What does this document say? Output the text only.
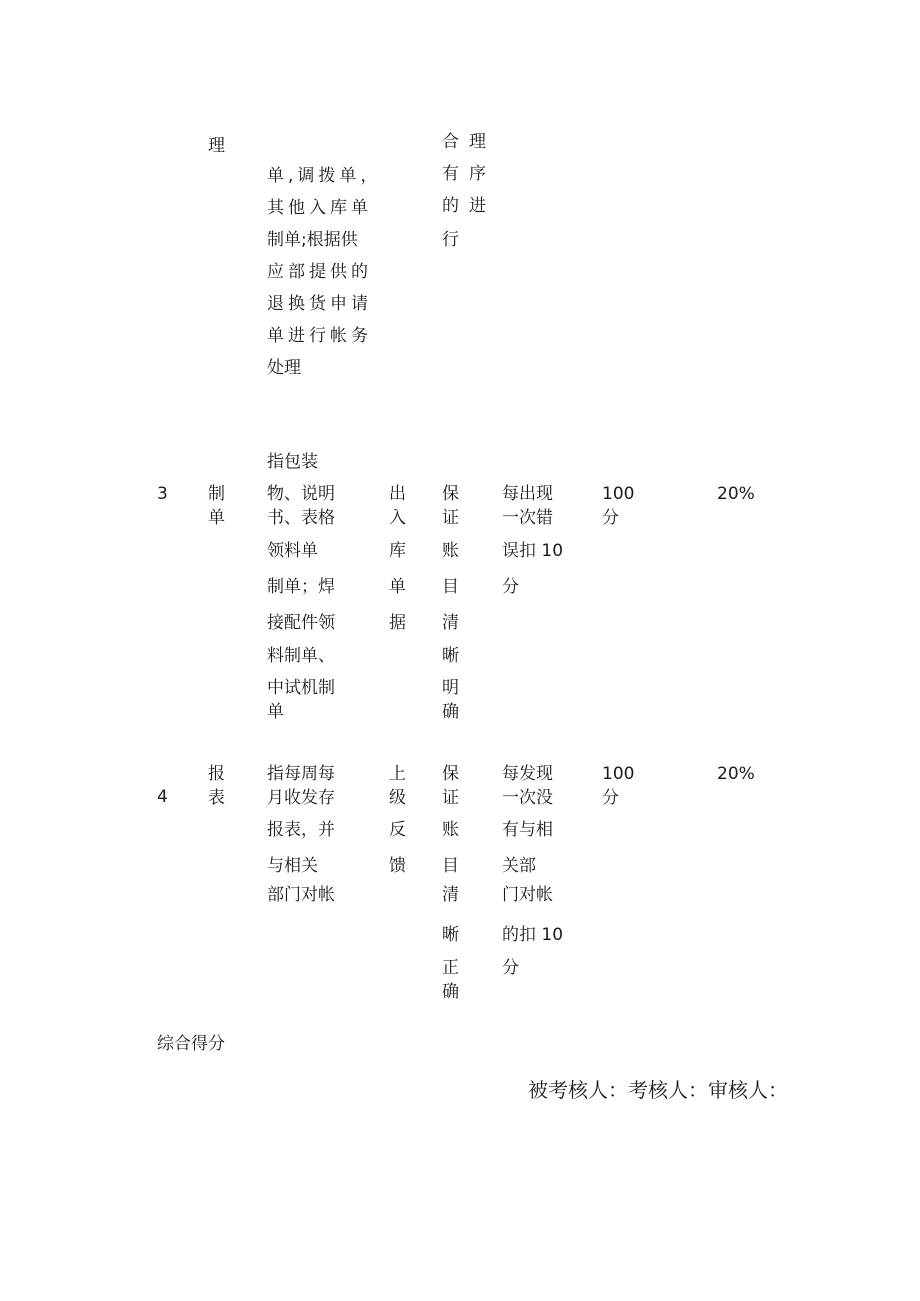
理
单,调拨单，
其他入库单
制单;根据供
应部提供的
退换货申请
单进行帐务
处理
合
有
的
行
理
序
进
3 制
单
指包装
物、说明
书、表格
领料单
制单；焊
接配件领
料制单、
中试机制
单
出
入
库
单
据
保
证
账
目
清
晰
明
确
每出现
一次错
误扣 10
分
100
分
20%
4
报
表
指每周每
月收发存
报表，并
与相关
部门对帐
上
级
反
馈
保
证
账
目
清
晰
正
确
每发现
一次没
有与相
关部
门对帐
的扣 10
分
100
分
20%
综合得分
被考核人：考核人：审核人：
